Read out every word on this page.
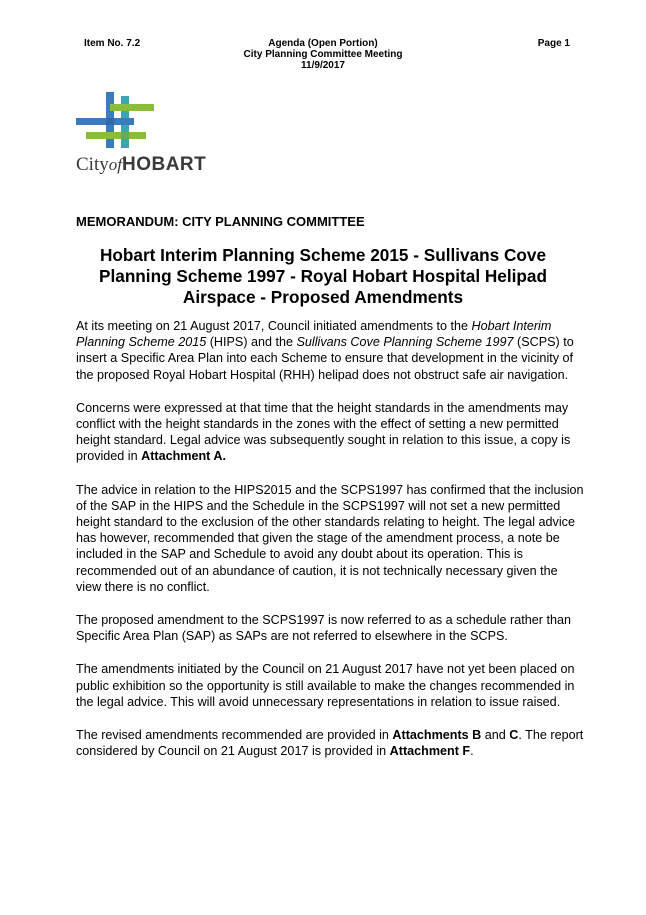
Item No. 7.2	Agenda (Open Portion)
City Planning Committee Meeting
11/9/2017
Page 1
CityofHOBART
MEMORANDUM: CITY PLANNING COMMITTEE
Hobart Interim Planning Scheme 2015 - Sullivans Cove Planning Scheme 1997 - Royal Hobart Hospital Helipad Airspace - Proposed Amendments

At its meeting on 21 August 2017, Council initiated amendments to the Hobart Interim Planning Scheme 2015 (HIPS) and the Sullivans Cove Planning Scheme 1997 (SCPS) to insert a Specific Area Plan into each Scheme to ensure that development in the vicinity of the proposed Royal Hobart Hospital (RHH) helipad does not obstruct safe air navigation.

Concerns were expressed at that time that the height standards in the amendments may conflict with the height standards in the zones with the effect of setting a new permitted height standard. Legal advice was subsequently sought in relation to this issue, a copy is provided in Attachment A.

The advice in relation to the HIPS2015 and the SCPS1997 has confirmed that the inclusion of the SAP in the HIPS and the Schedule in the SCPS1997 will not set a new permitted height standard to the exclusion of the other standards relating to height. The legal advice has however, recommended that given the stage of the amendment process, a note be included in the SAP and Schedule to avoid any doubt about its operation. This is recommended out of an abundance of caution, it is not technically necessary given the view there is no conflict.

The proposed amendment to the SCPS1997 is now referred to as a schedule rather than Specific Area Plan (SAP) as SAPs are not referred to elsewhere in the SCPS.

The amendments initiated by the Council on 21 August 2017 have not yet been placed on public exhibition so the opportunity is still available to make the changes recommended in the legal advice. This will avoid unnecessary representations in relation to issue raised.

The revised amendments recommended are provided in Attachments B and C. The report considered by Council on 21 August 2017 is provided in Attachment F.
